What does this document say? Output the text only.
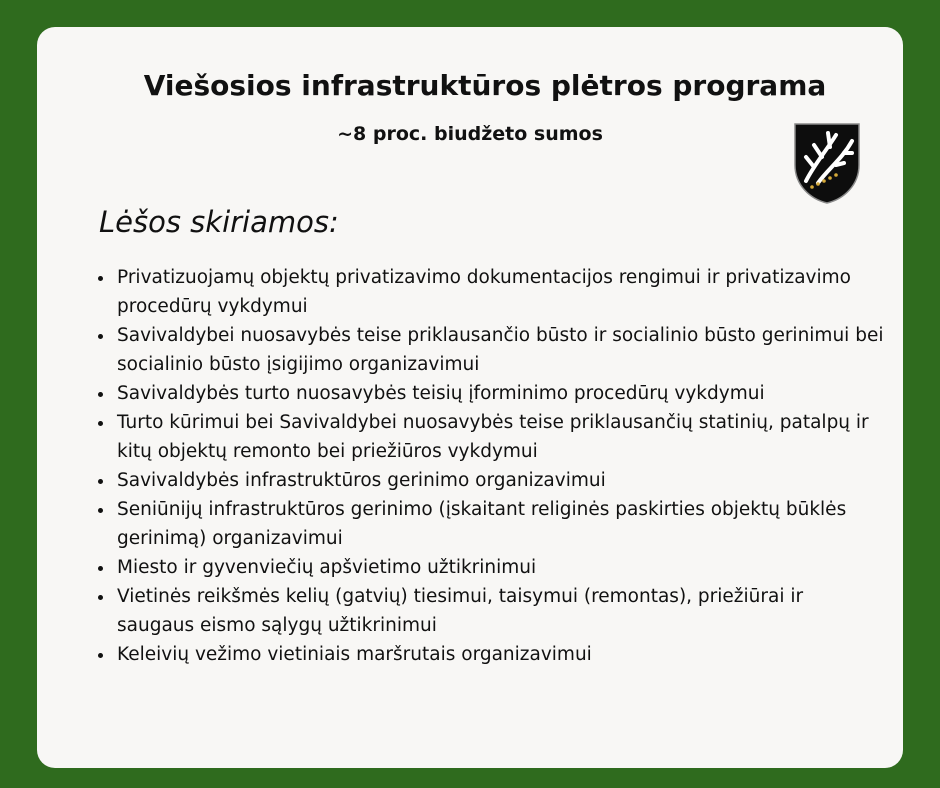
Viešosios infrastruktūros plėtros programa

~8 proc. biudžeto sumos

Lėšos skiriamos:
• Privatizuojamų objektų privatizavimo dokumentacijos rengimui ir privatizavimo procedūrų vykdymui
• Savivaldybei nuosavybės teise priklausančio būsto ir socialinio būsto gerinimui bei socialinio būsto įsigijimo organizavimui
• Savivaldybės turto nuosavybės teisių įforminimo procedūrų vykdymui
• Turto kūrimui bei Savivaldybei nuosavybės teise priklausančių statinių, patalpų ir kitų objektų remonto bei priežiūros vykdymui
• Savivaldybės infrastruktūros gerinimo organizavimui
• Seniūnijų infrastruktūros gerinimo (įskaitant religinės paskirties objektų būklės gerinimą) organizavimui
• Miesto ir gyvenviečių apšvietimo užtikrinimui
• Vietinės reikšmės kelių (gatvių) tiesimui, taisymui (remontas), priežiūrai ir saugaus eismo sąlygų užtikrinimui
• Keleivių vežimo vietiniais maršrutais organizavimui
